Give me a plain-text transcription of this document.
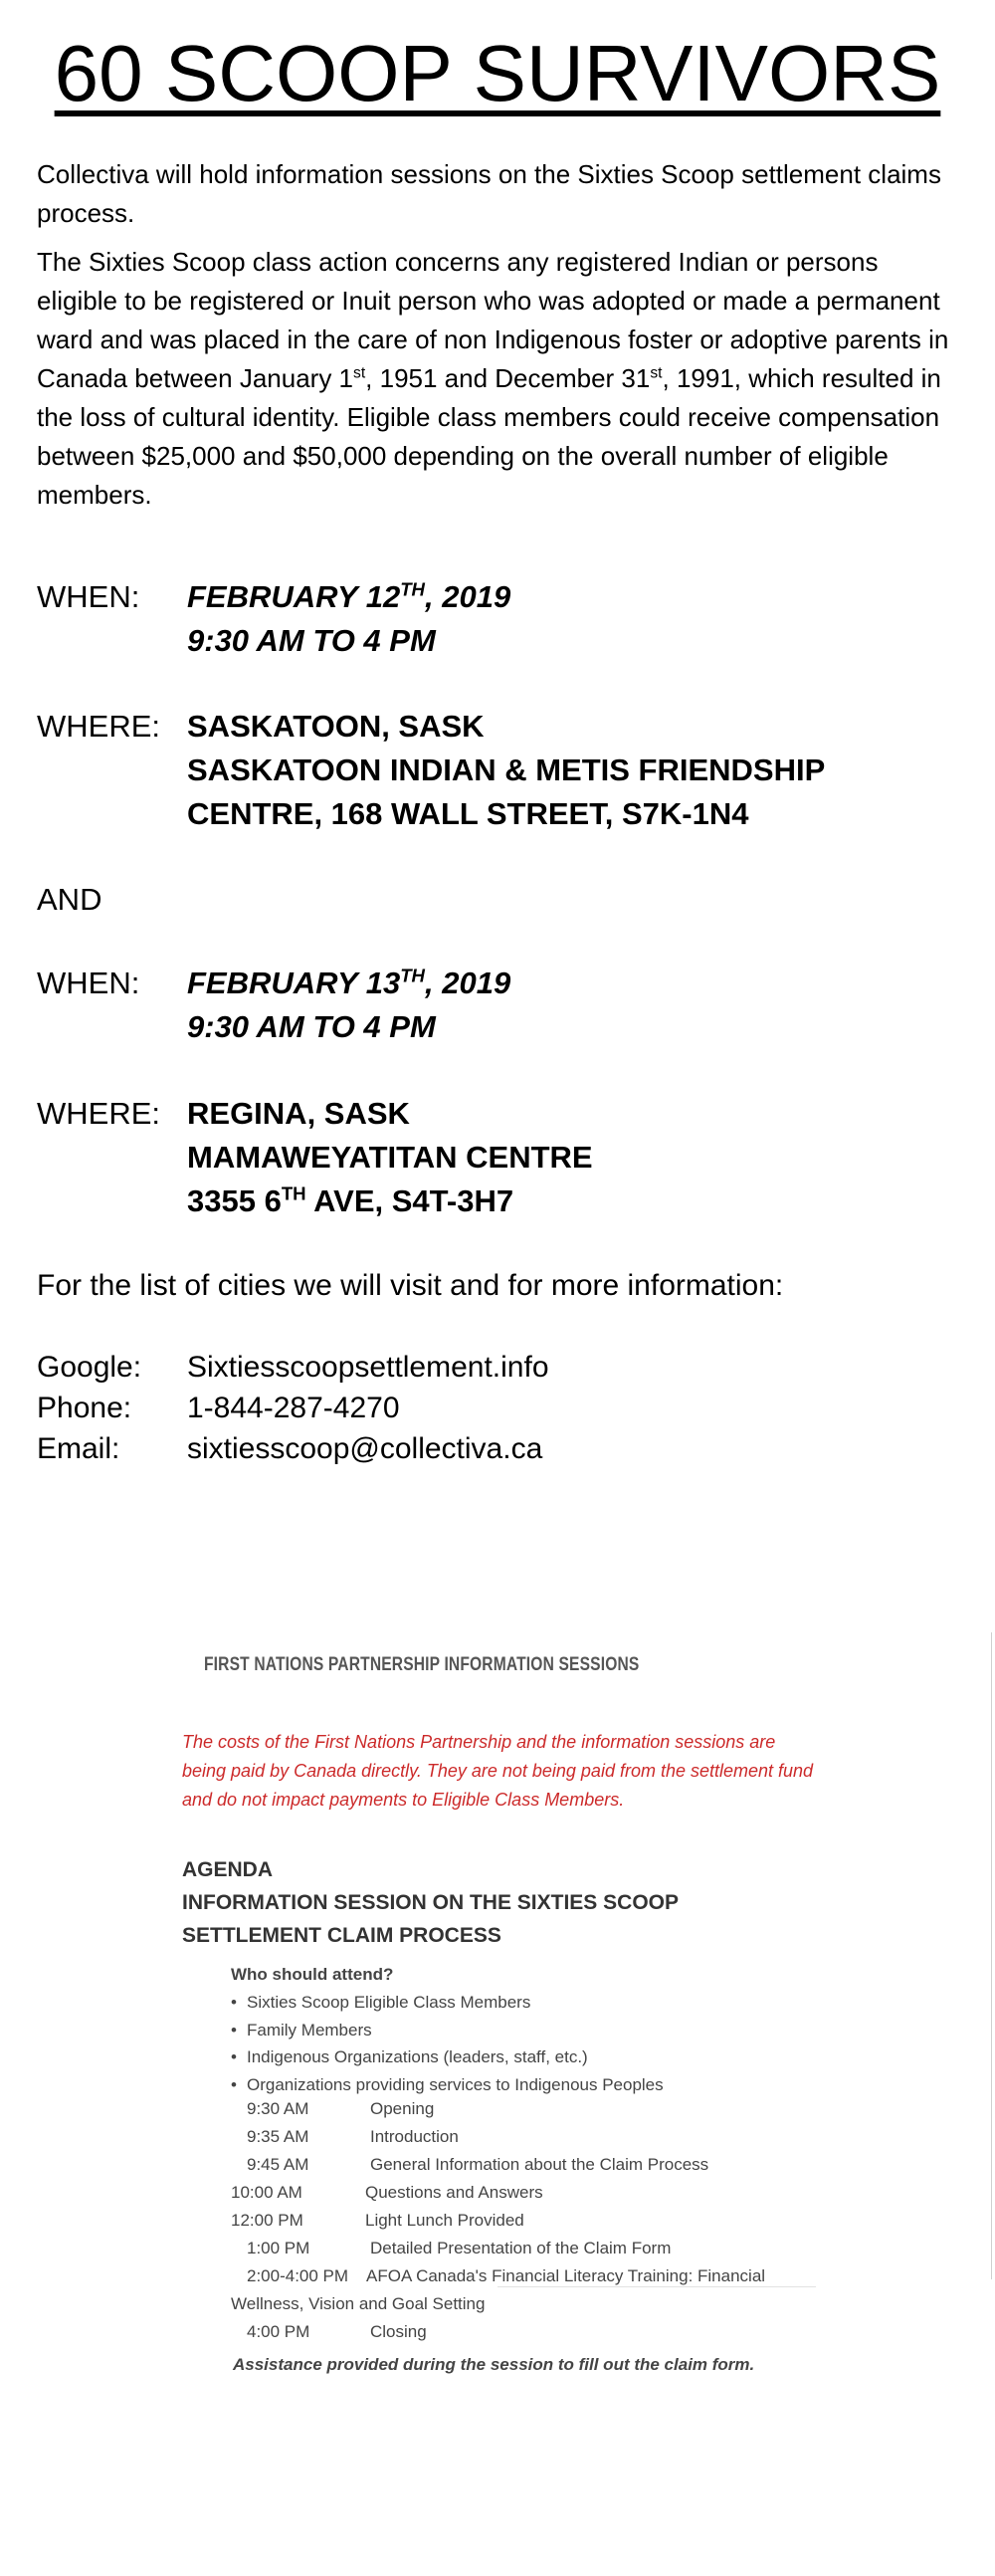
60 SCOOP SURVIVORS
Collectiva will hold information sessions on the Sixties Scoop settlement claims process.
The Sixties Scoop class action concerns any registered Indian or persons eligible to be registered or Inuit person who was adopted or made a permanent ward and was placed in the care of non Indigenous foster or adoptive parents in Canada between January 1st, 1951 and December 31st, 1991, which resulted in the loss of cultural identity. Eligible class members could receive compensation between $25,000 and $50,000 depending on the overall number of eligible members.
WHEN: FEBRUARY 12TH, 2019
9:30 AM TO 4 PM
WHERE: SASKATOON, SASK
SASKATOON INDIAN & METIS FRIENDSHIP
CENTRE, 168 WALL STREET, S7K-1N4
AND
WHEN: FEBRUARY 13TH, 2019
9:30 AM TO 4 PM
WHERE: REGINA, SASK
MAMAWEYATITAN CENTRE
3355 6TH AVE, S4T-3H7
For the list of cities we will visit and for more information:
Google: Sixtiesscoopsettlement.info
Phone: 1-844-287-4270
Email: sixtiesscoop@collectiva.ca
FIRST NATIONS PARTNERSHIP INFORMATION SESSIONS
The costs of the First Nations Partnership and the information sessions are being paid by Canada directly. They are not being paid from the settlement fund and do not impact payments to Eligible Class Members.
AGENDA
INFORMATION SESSION ON THE SIXTIES SCOOP
SETTLEMENT CLAIM PROCESS
Who should attend?
• Sixties Scoop Eligible Class Members
• Family Members
• Indigenous Organizations (leaders, staff, etc.)
• Organizations providing services to Indigenous Peoples
9:30 AM	Opening
9:35 AM	Introduction
9:45 AM	General Information about the Claim Process
10:00 AM	Questions and Answers
12:00 PM	Light Lunch Provided
1:00 PM	Detailed Presentation of the Claim Form
2:00-4:00 PM AFOA Canada's Financial Literacy Training: Financial
Wellness, Vision and Goal Setting
4:00 PM	Closing
Assistance provided during the session to fill out the claim form.
